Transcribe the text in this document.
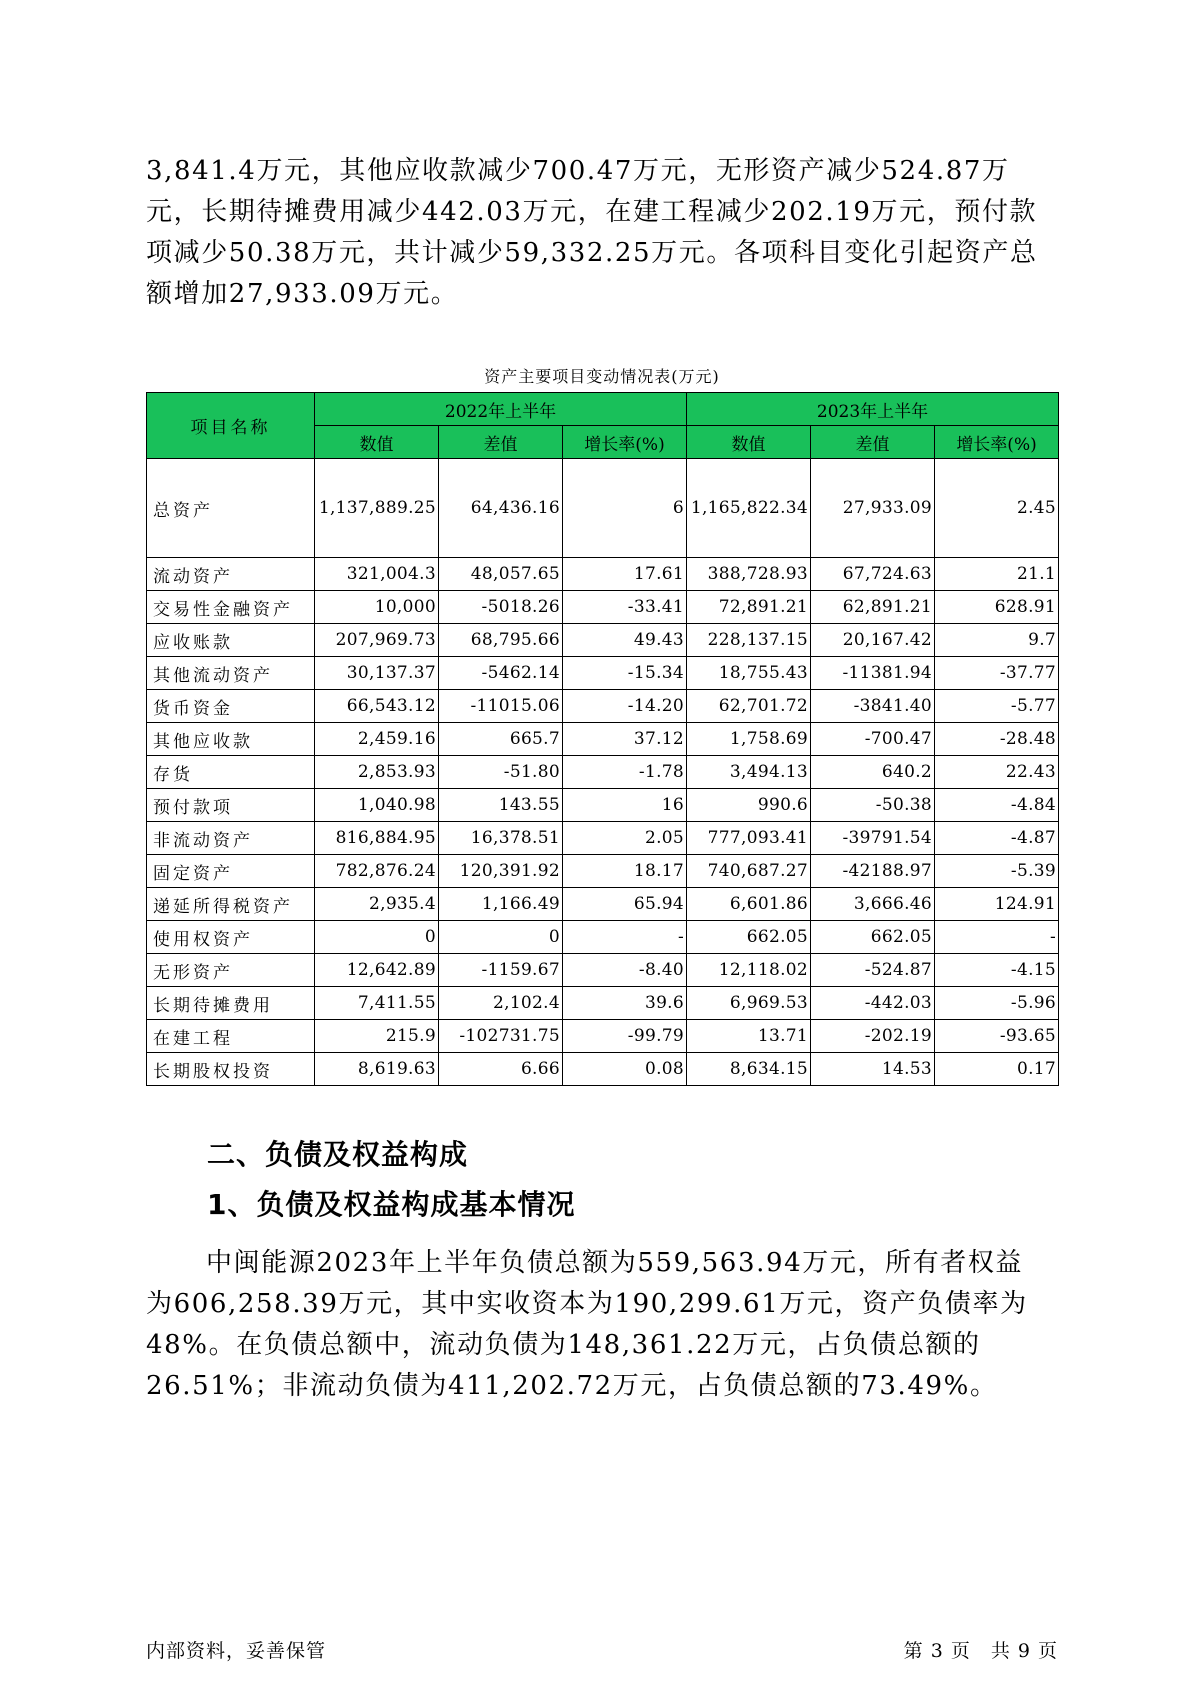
3,841.4万元，其他应收款减少700.47万元，无形资产减少524.87万元，长期待摊费用减少442.03万元，在建工程减少202.19万元，预付款项减少50.38万元，共计减少59,332.25万元。各项科目变化引起资产总额增加27,933.09万元。

资产主要项目变动情况表(万元)
项目名称	2022年上半年			2023年上半年		
	数值	差值	增长率(%)	数值	差值	增长率(%)
总资产	1,137,889.25	64,436.16	6	1,165,822.34	27,933.09	2.45
流动资产	321,004.3	48,057.65	17.61	388,728.93	67,724.63	21.1
交易性金融资产	10,000	-5018.26	-33.41	72,891.21	62,891.21	628.91
应收账款	207,969.73	68,795.66	49.43	228,137.15	20,167.42	9.7
其他流动资产	30,137.37	-5462.14	-15.34	18,755.43	-11381.94	-37.77
货币资金	66,543.12	-11015.06	-14.20	62,701.72	-3841.40	-5.77
其他应收款	2,459.16	665.7	37.12	1,758.69	-700.47	-28.48
存货	2,853.93	-51.80	-1.78	3,494.13	640.2	22.43
预付款项	1,040.98	143.55	16	990.6	-50.38	-4.84
非流动资产	816,884.95	16,378.51	2.05	777,093.41	-39791.54	-4.87
固定资产	782,876.24	120,391.92	18.17	740,687.27	-42188.97	-5.39
递延所得税资产	2,935.4	1,166.49	65.94	6,601.86	3,666.46	124.91
使用权资产	0	0	-	662.05	662.05	-
无形资产	12,642.89	-1159.67	-8.40	12,118.02	-524.87	-4.15
长期待摊费用	7,411.55	2,102.4	39.6	6,969.53	-442.03	-5.96
在建工程	215.9	-102731.75	-99.79	13.71	-202.19	-93.65
长期股权投资	8,619.63	6.66	0.08	8,634.15	14.53	0.17
二、负债及权益构成
1、负债及权益构成基本情况

中闽能源2023年上半年负债总额为559,563.94万元，所有者权益为606,258.39万元，其中实收资本为190,299.61万元，资产负债率为48%。在负债总额中，流动负债为148,361.22万元，占负债总额的26.51%；非流动负债为411,202.72万元，占负债总额的73.49%。

内部资料，妥善保管	第 3 页　共 9 页
